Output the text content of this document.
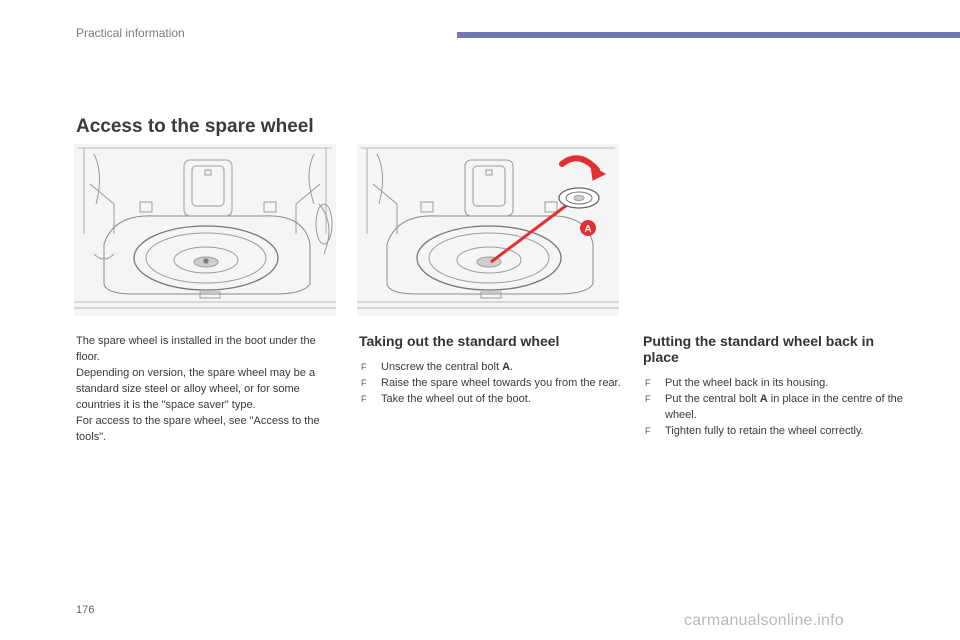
Practical information
Access to the spare wheel
A

The spare wheel is installed in the boot under the floor.

Depending on version, the spare wheel may be a standard size steel or alloy wheel, or for some countries it is the "space saver" type.

For access to the spare wheel, see "Access to the tools".

Taking out the standard wheel
F Unscrew the central bolt A.
F Raise the spare wheel towards you from the rear.
F Take the wheel out of the boot.
Putting the standard wheel back in place
F Put the wheel back in its housing.
F Put the central bolt A in place in the centre of the wheel.
F Tighten fully to retain the wheel correctly.
176
carmanualsonline.info
